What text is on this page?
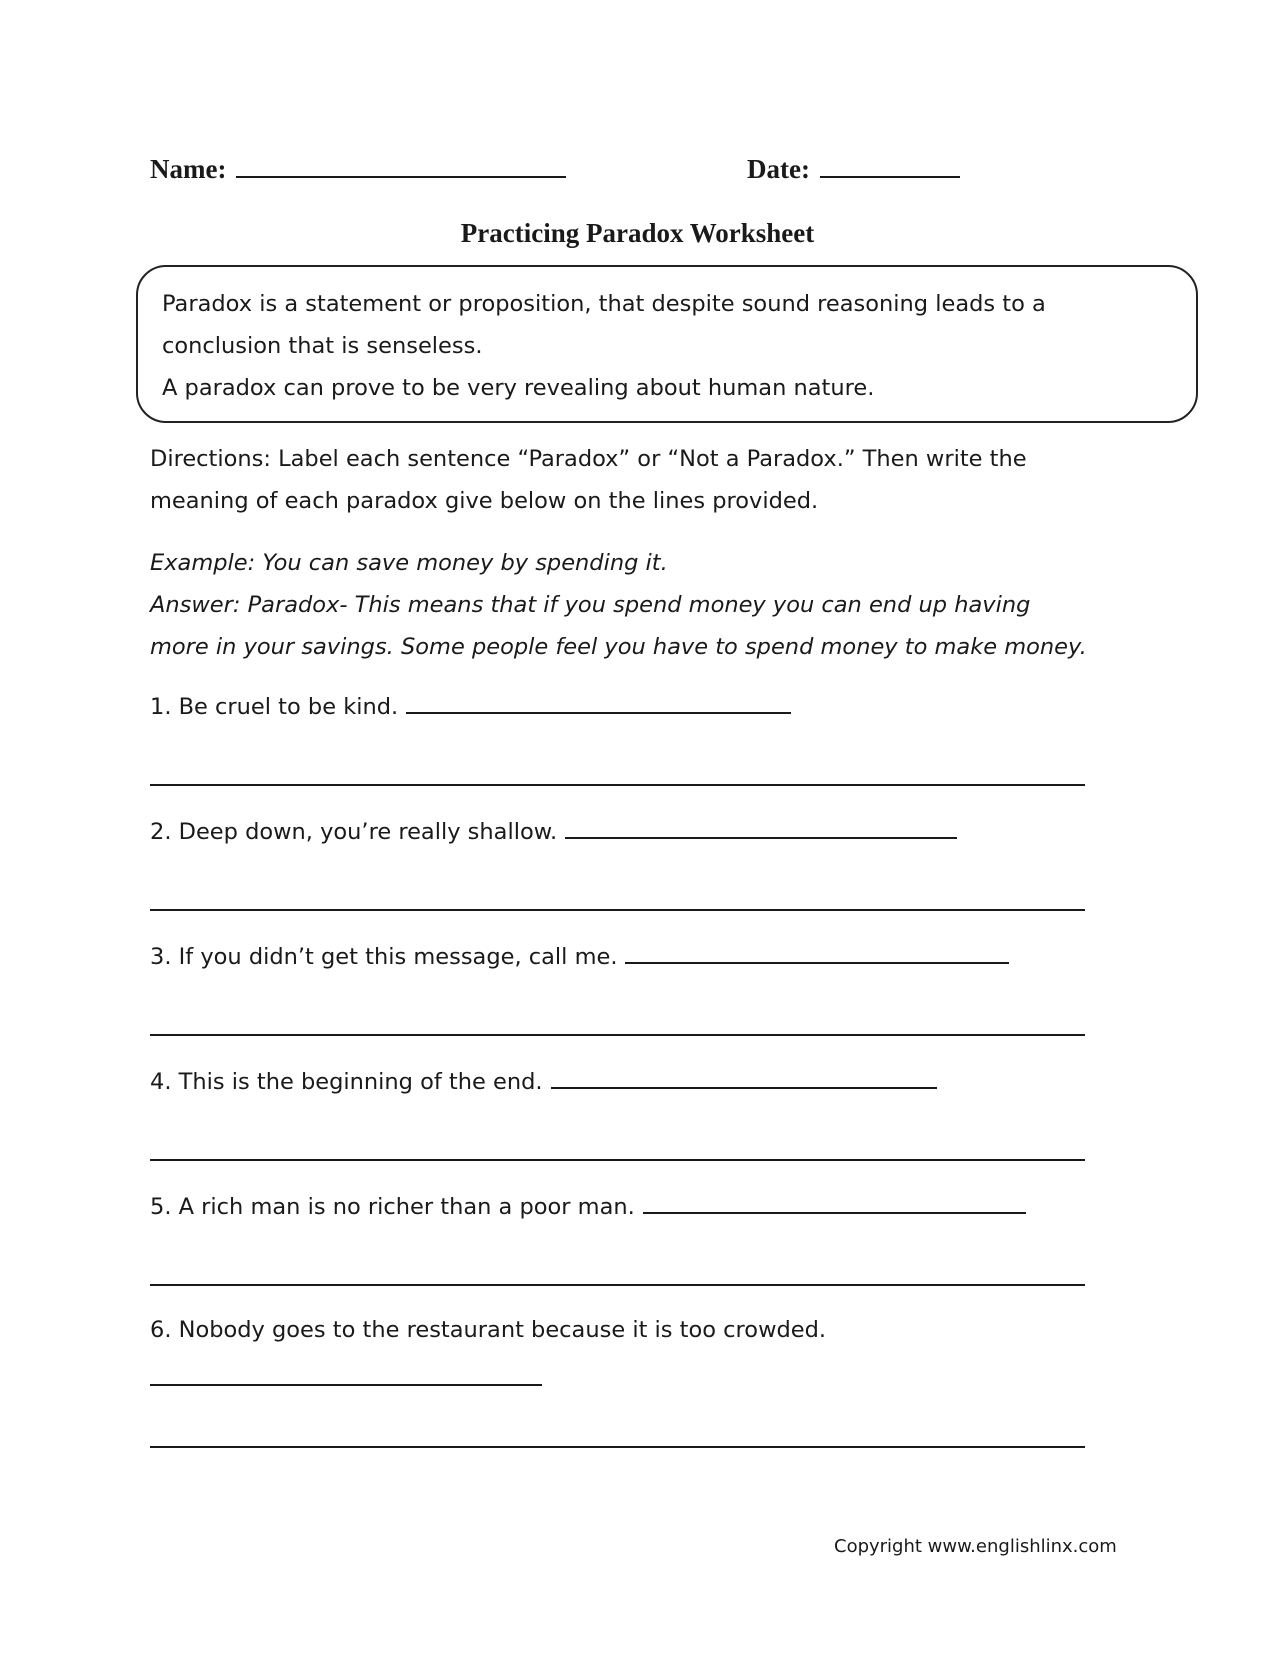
Name:	Date:
Practicing Paradox Worksheet

Paradox is a statement or proposition, that despite sound reasoning leads to a

conclusion that is senseless.

A paradox can prove to be very revealing about human nature.

Directions: Label each sentence “Paradox” or “Not a Paradox.” Then write the
meaning of each paradox give below on the lines provided.
Example: You can save money by spending it.
Answer: Paradox- This means that if you spend money you can end up having
more in your savings. Some people feel you have to spend money to make money.
1. Be cruel to be kind.
2. Deep down, you’re really shallow.
3. If you didn’t get this message, call me.
4. This is the beginning of the end.
5. A rich man is no richer than a poor man.
6. Nobody goes to the restaurant because it is too crowded.
Copyright www.englishlinx.com
